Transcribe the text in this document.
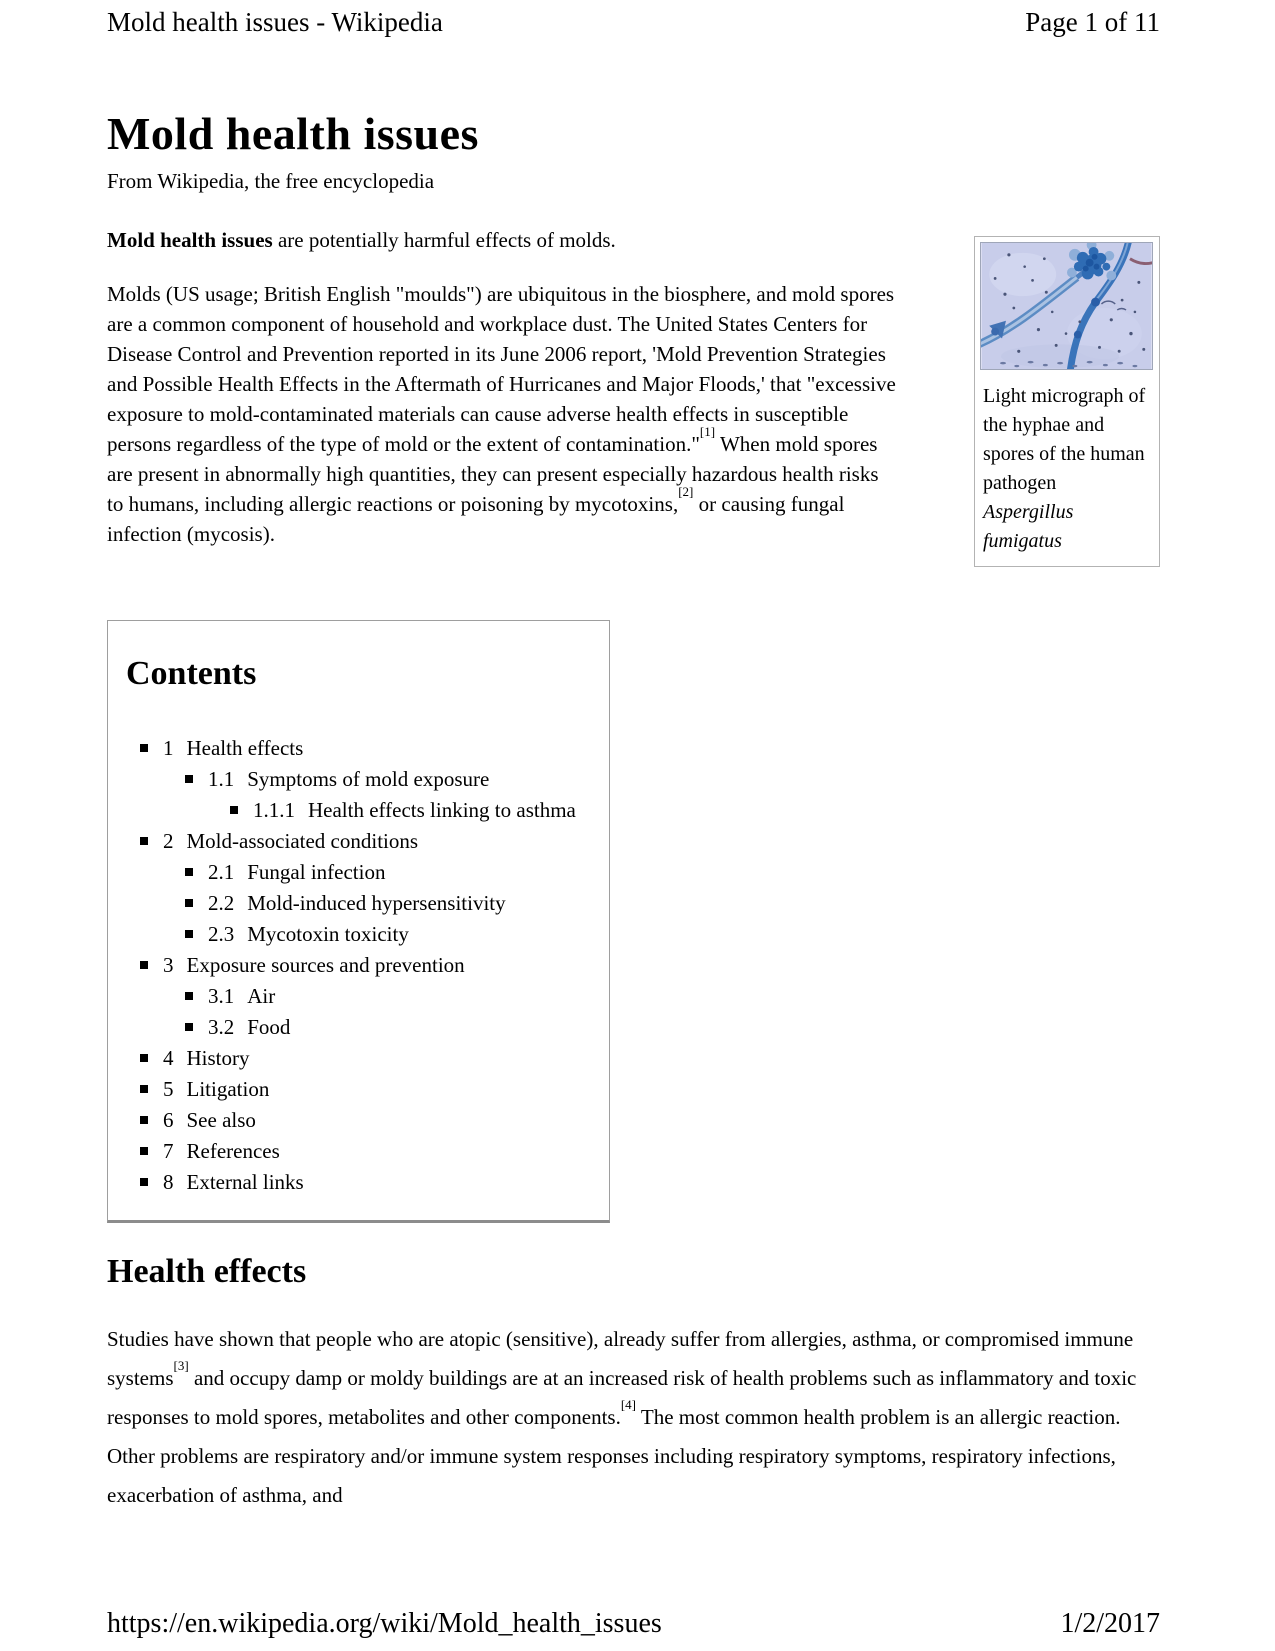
Mold health issues - Wikipedia	Page 1 of 11
Mold health issues
From Wikipedia, the free encyclopedia

Mold health issues are potentially harmful effects of molds.

Molds (US usage; British English "moulds") are ubiquitous in the biosphere, and mold spores are a common component of household and workplace dust. The United States Centers for Disease Control and Prevention reported in its June 2006 report, 'Mold Prevention Strategies and Possible Health Effects in the Aftermath of Hurricanes and Major Floods,' that "excessive exposure to mold-contaminated materials can cause adverse health effects in susceptible persons regardless of the type of mold or the extent of contamination."[1] When mold spores are present in abnormally high quantities, they can present especially hazardous health risks to humans, including allergic reactions or poisoning by mycotoxins,[2] or causing fungal infection (mycosis).

Light micrograph of the hyphae and spores of the human pathogen Aspergillus fumigatus
Contents
1 Health effects
1.1 Symptoms of mold exposure
1.1.1 Health effects linking to asthma
2 Mold-associated conditions
2.1 Fungal infection
2.2 Mold-induced hypersensitivity
2.3 Mycotoxin toxicity
3 Exposure sources and prevention
3.1 Air
3.2 Food
4 History
5 Litigation
6 See also
7 References
8 External links
Health effects

Studies have shown that people who are atopic (sensitive), already suffer from allergies, asthma, or compromised immune systems[3] and occupy damp or moldy buildings are at an increased risk of health problems such as inflammatory and toxic responses to mold spores, metabolites and other components.[4] The most common health problem is an allergic reaction. Other problems are respiratory and/or immune system responses including respiratory symptoms, respiratory infections, exacerbation of asthma, and

https://en.wikipedia.org/wiki/Mold_health_issues	1/2/2017
